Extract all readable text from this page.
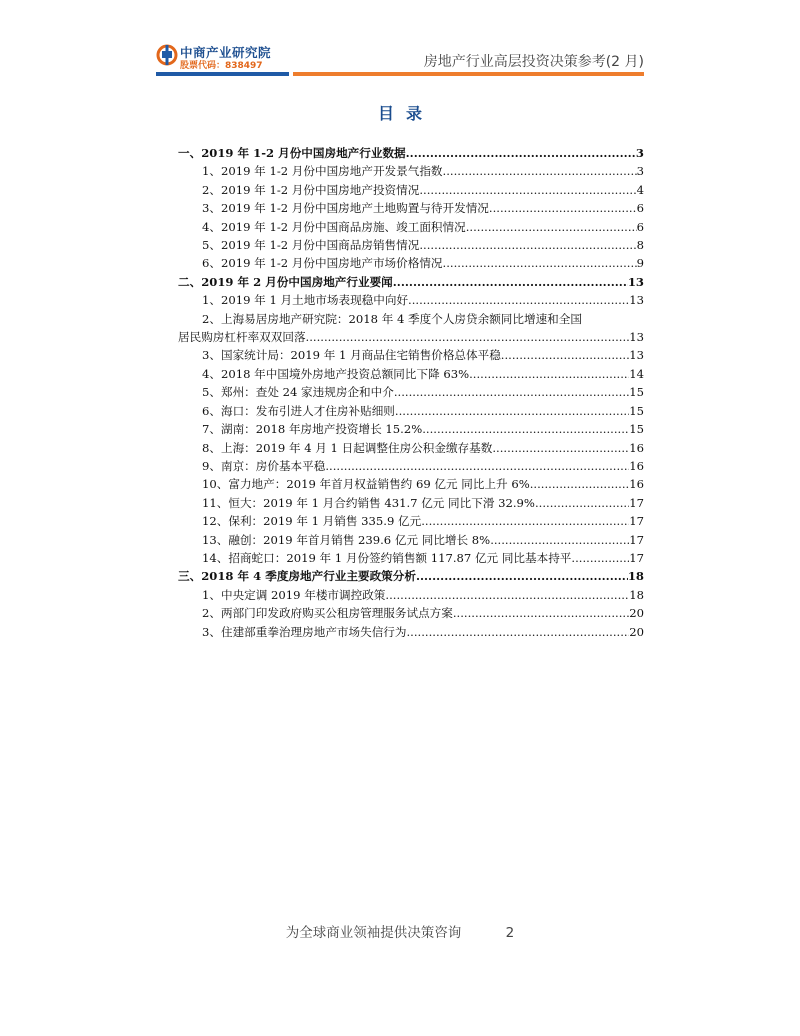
中商产业研究院
股票代码：838497	房地产行业高层投资决策参考(2 月)
目录
一、2019 年 1-2 月份中国房地产行业数据 .....	3
1、2019 年 1-2 月份中国房地产开发景气指数 .....	3
2、2019 年 1-2 月份中国房地产投资情况 .....	4
3、2019 年 1-2 月份中国房地产土地购置与待开发情况 .....	6
4、2019 年 1-2 月份中国商品房施、竣工面积情况 .....	6
5、2019 年 1-2 月份中国商品房销售情况 .....	8
6、2019 年 1-2 月份中国房地产市场价格情况 .....	9
二、2019 年 2 月份中国房地产行业要闻 .....	13
1、2019 年 1 月土地市场表现稳中向好 .....	13
2、上海易居房地产研究院：2018 年 4 季度个人房贷余额同比增速和全国
居民购房杠杆率双双回落 .....	13
3、国家统计局：2019 年 1 月商品住宅销售价格总体平稳 .....	13
4、2018 年中国境外房地产投资总额同比下降 63% .....	14
5、郑州：查处 24 家违规房企和中介 .....	15
6、海口：发布引进人才住房补贴细则 .....	15
7、湖南：2018 年房地产投资增长 15.2% .....	15
8、上海：2019 年 4 月 1 日起调整住房公积金缴存基数 .....	16
9、南京：房价基本平稳 .....	16
10、富力地产：2019 年首月权益销售约 69 亿元 同比上升 6% .....	16
11、恒大：2019 年 1 月合约销售 431.7 亿元 同比下滑 32.9% .....	17
12、保利：2019 年 1 月销售 335.9 亿元 .....	17
13、融创：2019 年首月销售 239.6 亿元 同比增长 8% .....	17
14、招商蛇口：2019 年 1 月份签约销售额 117.87 亿元 同比基本持平 .....	17
三、2018 年 4 季度房地产行业主要政策分析 .....	18
1、中央定调 2019 年楼市调控政策 .....	18
2、两部门印发政府购买公租房管理服务试点方案 .....	20
3、住建部重拳治理房地产市场失信行为 .....	20
为全球商业领袖提供决策咨询	2
